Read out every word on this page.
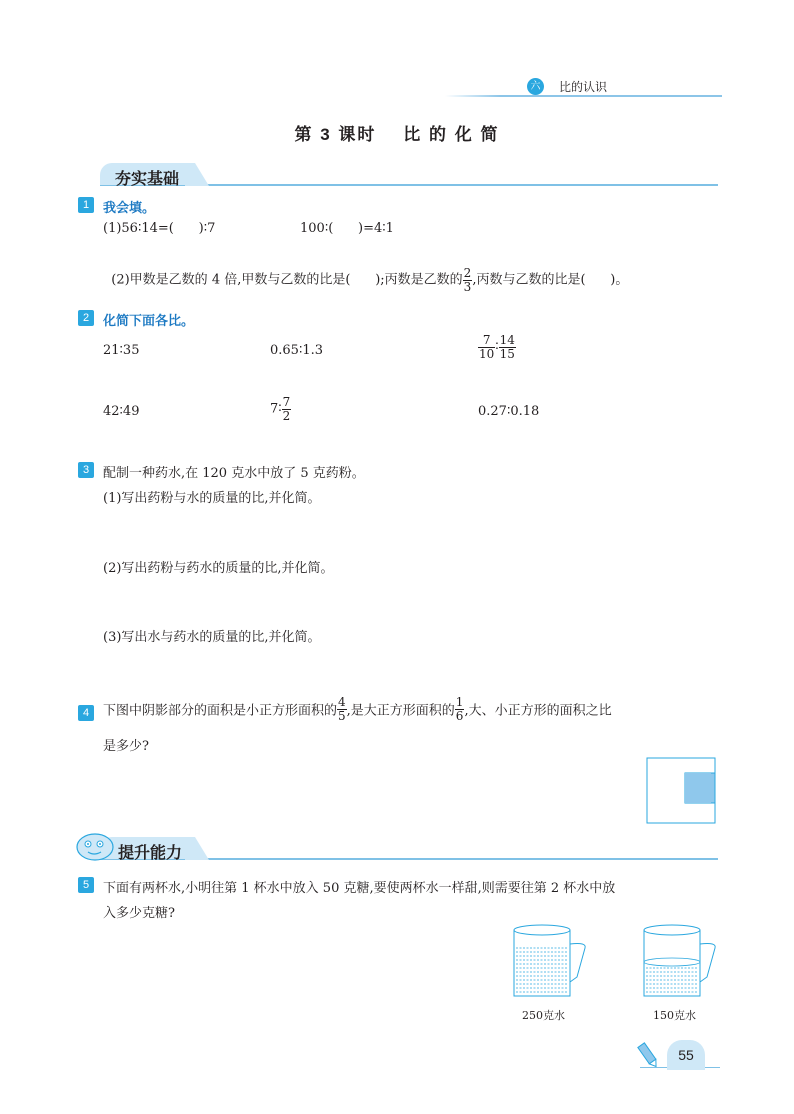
六 比的认识
第 3 课时    比 的 化 简
夯实基础
1	我会填。
(1)56∶14=(      )∶7	100∶(      )=4∶1

(2)甲数是乙数的 4 倍,甲数与乙数的比是(      );丙数是乙数的 $\frac{2}{3}$ ,丙数与乙数的比是(      )。

2	化简下面各比。
21∶35	0.65∶1.3	$\frac{7}{10}$ ∶ $\frac{14}{15}$
42∶49	7∶ $\frac{7}{2}$	0.27∶0.18
3	配制一种药水,在 120 克水中放了 5 克药粉。
(1)写出药粉与水的质量的比,并化简。
(2)写出药粉与药水的质量的比,并化简。
(3)写出水与药水的质量的比,并化简。
4	下图中阴影部分的面积是小正方形面积的 $\frac{4}{5}$ ,是大正方形面积的 $\frac{1}{6}$ ,大、小正方形的面积之比
是多少?
提升能力
5	下面有两杯水,小明往第 1 杯水中放入 50 克糖,要使两杯水一样甜,则需要往第 2 杯水中放
入多少克糖?
250克水	150克水
55
